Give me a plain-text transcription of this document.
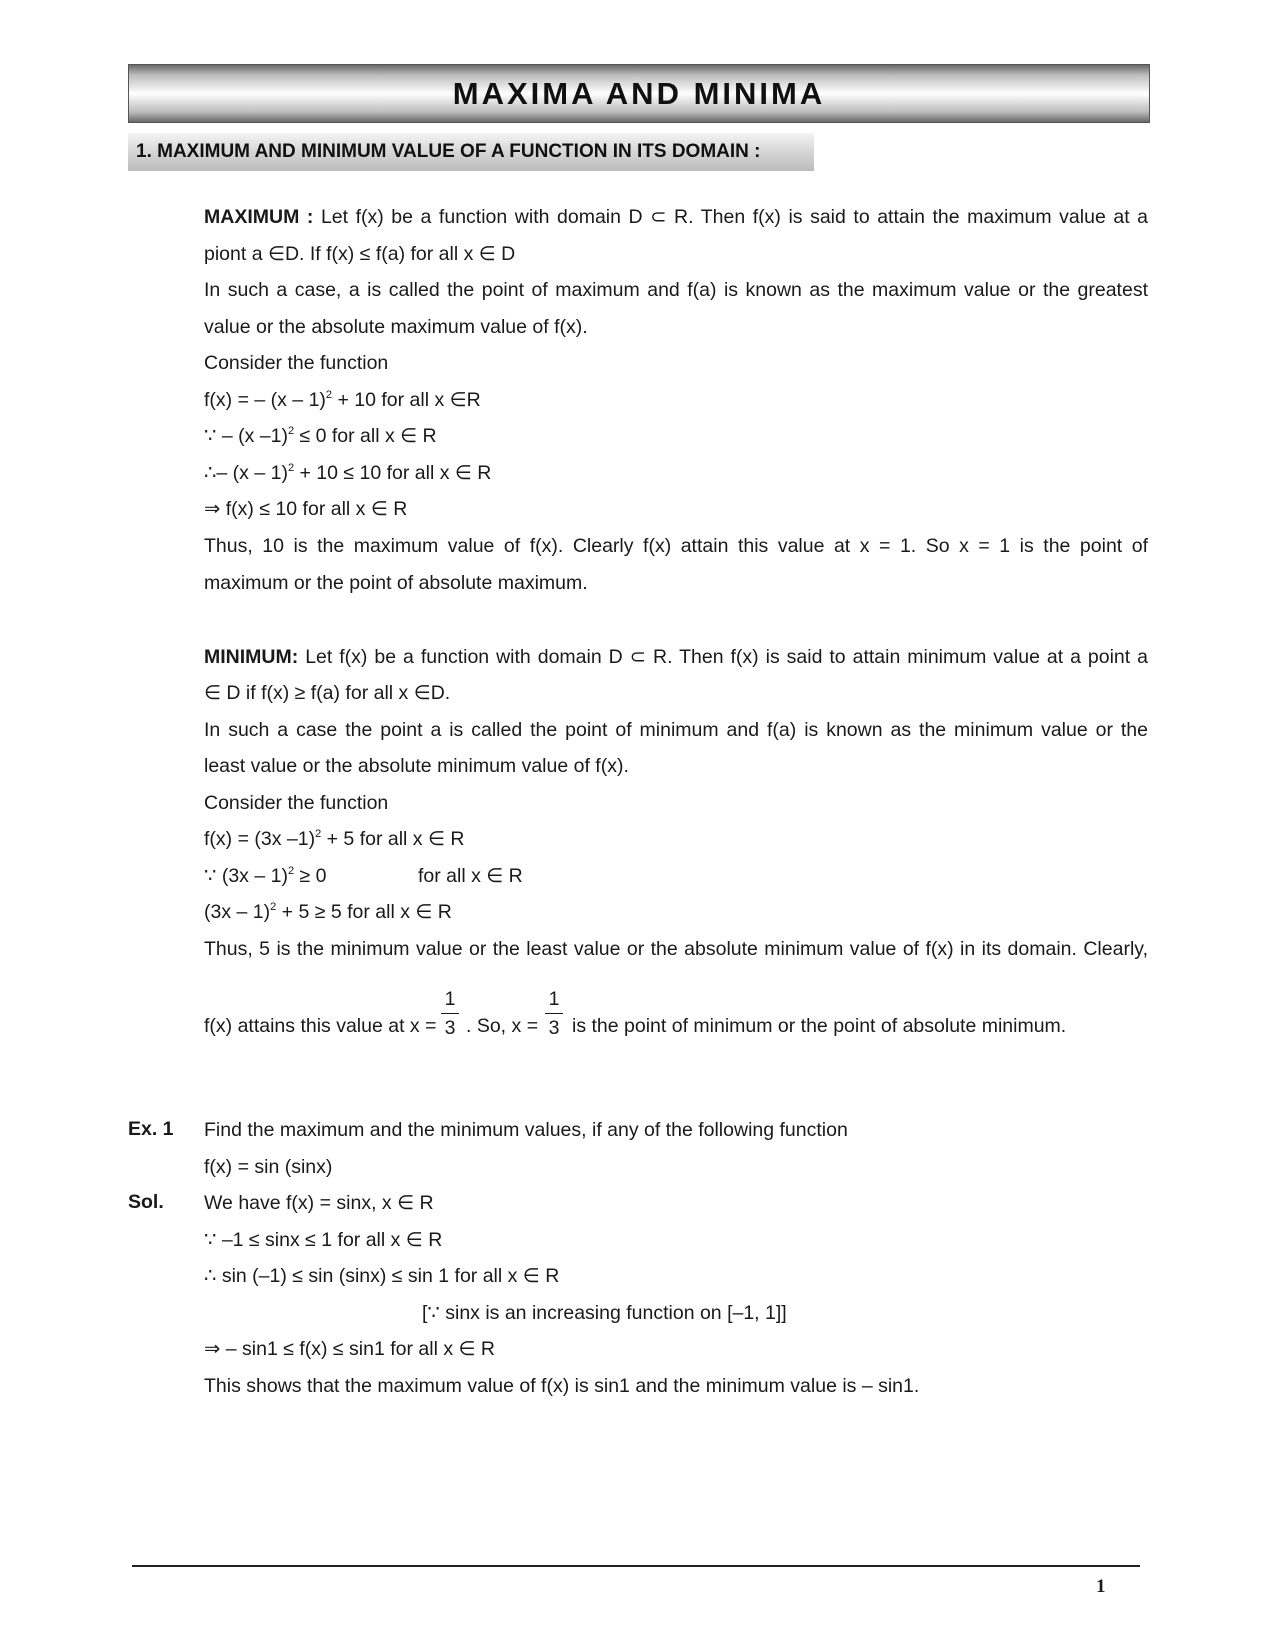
MAXIMA AND MINIMA
1. MAXIMUM AND MINIMUM VALUE OF A FUNCTION IN ITS DOMAIN :
MAXIMUM : Let f(x) be a function with domain D ⊂ R. Then f(x) is said to attain the maximum value at a
piont a ∈D. If f(x) ≤ f(a) for all x ∈ D
In such a case, a is called the point of maximum and f(a) is known as the maximum value or the greatest
value or the absolute maximum value of f(x).
Consider the function
f(x) = – (x – 1)$^2$ + 10 for all x ∈R
∵ – (x –1)$^2$ ≤ 0 for all x ∈ R
∴– (x – 1)$^2$ + 10 ≤ 10 for all x ∈ R
⇒ f(x) ≤ 10 for all x ∈ R
Thus, 10 is the maximum value of f(x). Clearly f(x) attain this value at x = 1. So x = 1 is the point of
maximum or the point of absolute maximum.
MINIMUM: Let f(x) be a function with domain D ⊂ R. Then f(x) is said to attain minimum value at a point a
∈ D if f(x) ≥ f(a) for all x ∈D.
In such a case the point a is called the point of minimum and f(a) is known as the minimum value or the
least value or the absolute minimum value of f(x).
Consider the function
f(x) = (3x –1)$^2$ + 5 for all x ∈ R
∵ (3x – 1)$^2$ ≥ 0	for all x ∈ R
(3x – 1)$^2$ + 5 ≥ 5 for all x ∈ R
Thus, 5 is the minimum value or the least value or the absolute minimum value of f(x) in its domain. Clearly,
f(x) attains this value at x =
1
3 . So, x =
1
3 is the point of minimum or the point of absolute minimum.
Ex. 1 Find the maximum and the minimum values, if any of the following function
f(x) = sin (sinx)
Sol. We have f(x) = sinx, x ∈ R
∵ –1 ≤ sinx ≤ 1 for all x ∈ R
∴ sin (–1) ≤ sin (sinx) ≤ sin 1 for all x ∈ R
[∵ sinx is an increasing function on [–1, 1]]
⇒ – sin1 ≤ f(x) ≤ sin1 for all x ∈ R
This shows that the maximum value of f(x) is sin1 and the minimum value is – sin1.
1
